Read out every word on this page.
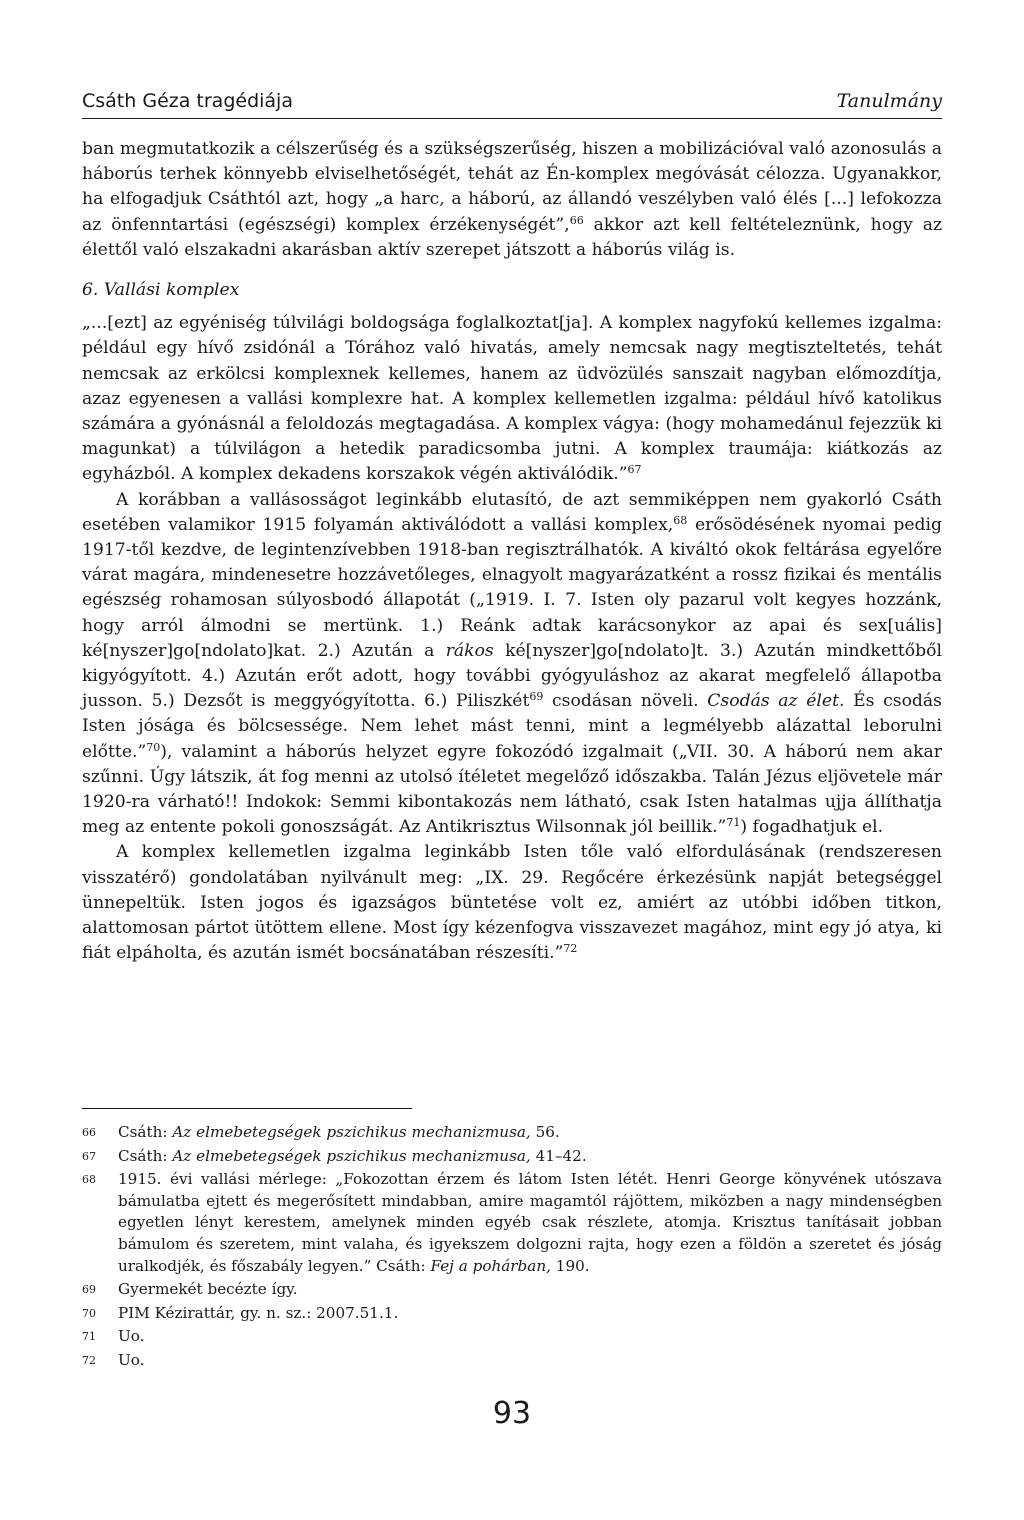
Csáth Géza tragédiája	Tanulmány

ban megmutatkozik a célszerűség és a szükségszerűség, hiszen a mobilizációval való azonosulás a háborús terhek könnyebb elviselhetőségét, tehát az Én-komplex megóvását célozza. Ugyanakkor, ha elfogadjuk Csáthtól azt, hogy „a harc, a háború, az állandó veszélyben való élés [...] lefokozza az önfenntartási (egészségi) komplex érzékenységét”,$^{66}$ akkor azt kell feltételeznünk, hogy az élettől való elszakadni akarásban aktív szerepet játszott a háborús világ is.

6. Vallási komplex

„...[ezt] az egyéniség túlvilági boldogsága foglalkoztat[ja]. A komplex nagyfokú kellemes izgalma: például egy hívő zsidónál a Tórához való hivatás, amely nemcsak nagy megtiszteltetés, tehát nemcsak az erkölcsi komplexnek kellemes, hanem az üdvözülés sanszait nagyban előmozdítja, azaz egyenesen a vallási komplexre hat. A komplex kellemetlen izgalma: például hívő katolikus számára a gyónásnál a feloldozás megtagadása. A komplex vágya: (hogy mohamedánul fejezzük ki magunkat) a túlvilágon a hetedik paradicsomba jutni. A komplex traumája: kiátkozás az egyházból. A komplex dekadens korszakok végén aktiválódik.”$^{67}$

A korábban a vallásosságot leginkább elutasító, de azt semmiképpen nem gyakorló Csáth esetében valamikor 1915 folyamán aktiválódott a vallási komplex,$^{68}$ erősödésének nyomai pedig 1917-től kezdve, de legintenzívebben 1918-ban regisztrálhatók. A kiváltó okok feltárása egyelőre várat magára, mindenesetre hozzávetőleges, elnagyolt magyarázatként a rossz fizikai és mentális egészség rohamosan súlyosbodó állapotát („1919. I. 7. Isten oly pazarul volt kegyes hozzánk, hogy arról álmodni se mertünk. 1.) Reánk adtak karácsonykor az apai és sex[uális] ké[nyszer]go[ndolato]kat. 2.) Azután a rákos ké[nyszer]go[ndolato]t. 3.) Azután mindkettőből kigyógyított. 4.) Azután erőt adott, hogy további gyógyuláshoz az akarat megfelelő állapotba jusson. 5.) Dezsőt is meggyógyította. 6.) Piliszkét$^{69}$ csodásan növeli. Csodás az élet. És csodás Isten jósága és bölcsessége. Nem lehet mást tenni, mint a legmélyebb alázattal leborulni előtte.”$^{70}$), valamint a háborús helyzet egyre fokozódó izgalmait („VII. 30. A háború nem akar szűnni. Úgy látszik, át fog menni az utolsó ítéletet megelőző időszakba. Talán Jézus eljövetele már 1920-ra várható!! Indokok: Semmi kibontakozás nem látható, csak Isten hatalmas ujja állíthatja meg az entente pokoli gonoszságát. Az Antikrisztus Wilsonnak jól beillik.”$^{71}$) fogadhatjuk el.

A komplex kellemetlen izgalma leginkább Isten tőle való elfordulásának (rendszeresen visszatérő) gondolatában nyilvánult meg: „IX. 29. Regőcére érkezésünk napját betegséggel ünnepeltük. Isten jogos és igazságos büntetése volt ez, amiért az utóbbi időben titkon, alattomosan pártot ütöttem ellene. Most így kézenfogva visszavezet magához, mint egy jó atya, ki fiát elpáholta, és azután ismét bocsánatában részesíti.”$^{72}$

66	Csáth: Az elmebetegségek pszichikus mechanizmusa, 56.
67	Csáth: Az elmebetegségek pszichikus mechanizmusa, 41–42.
68	1915. évi vallási mérlege: „Fokozottan érzem és látom Isten létét. Henri George könyvének utószava bámulatba ejtett és megerősített mindabban, amire magamtól rájöttem, miközben a nagy mindenségben egyetlen lényt kerestem, amelynek minden egyéb csak részlete, atomja. Krisztus tanításait jobban bámulom és szeretem, mint valaha, és igyekszem dolgozni rajta, hogy ezen a földön a szeretet és jóság uralkodjék, és főszabály legyen.” Csáth: Fej a pohárban, 190.
69	Gyermekét becézte így.
70	PIM Kézirattár, gy. n. sz.: 2007.51.1.
71	Uo.
72	Uo.
93
